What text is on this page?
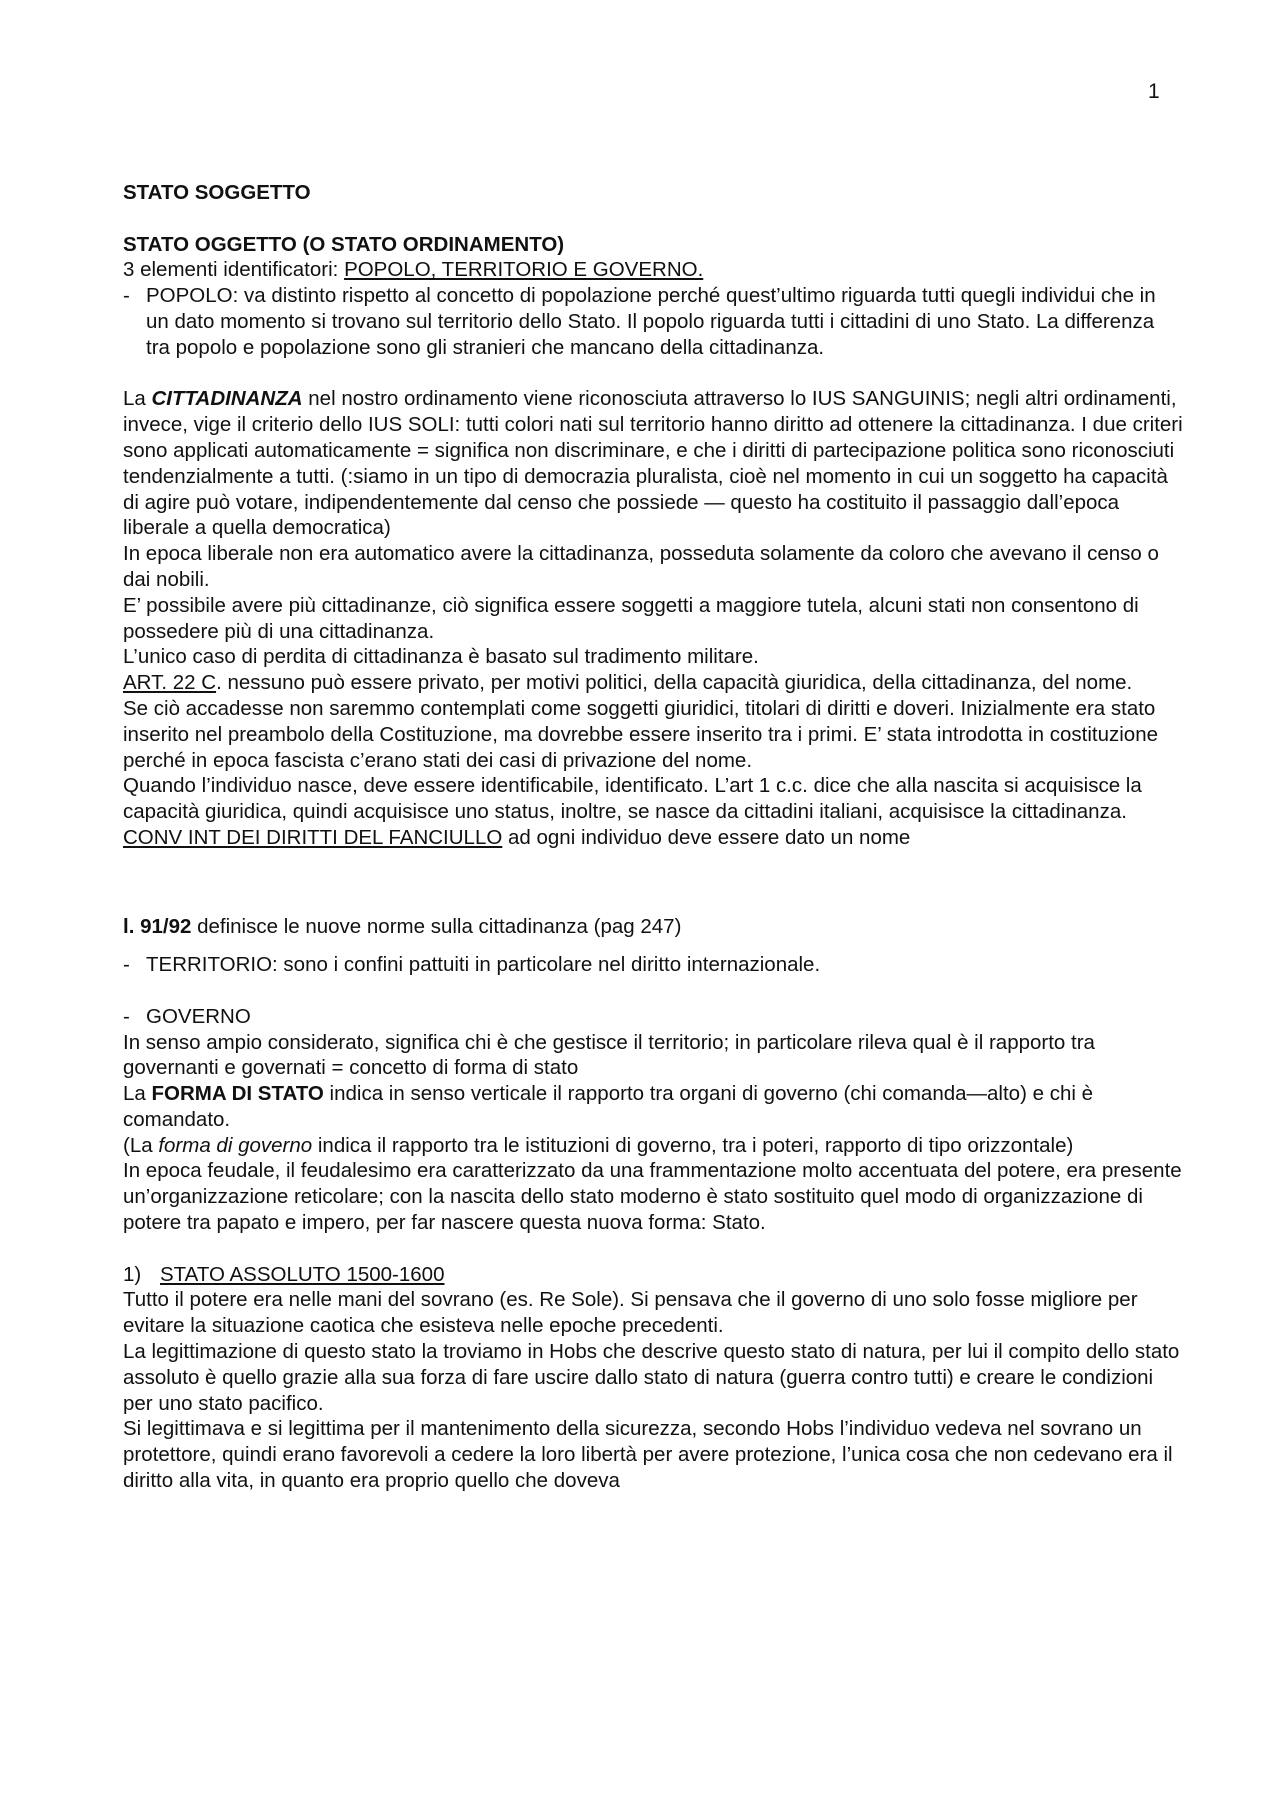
1

STATO SOGGETTO

STATO OGGETTO (O STATO ORDINAMENTO)

3 elementi identificatori: POPOLO, TERRITORIO E GOVERNO.

- POPOLO: va distinto rispetto al concetto di popolazione perché quest’ultimo riguarda tutti quegli individui che in un dato momento si trovano sul territorio dello Stato. Il popolo riguarda tutti i cittadini di uno Stato. La differenza tra popolo e popolazione sono gli stranieri che mancano della cittadinanza.

La CITTADINANZA nel nostro ordinamento viene riconosciuta attraverso lo IUS SANGUINIS; negli altri ordinamenti, invece, vige il criterio dello IUS SOLI: tutti colori nati sul territorio hanno diritto ad ottenere la cittadinanza. I due criteri sono applicati automaticamente = significa non discriminare, e che i diritti di partecipazione politica sono riconosciuti tendenzialmente a tutti. (:siamo in un tipo di democrazia pluralista, cioè nel momento in cui un soggetto ha capacità di agire può votare, indipendentemente dal censo che possiede — questo ha costituito il passaggio dall’epoca liberale a quella democratica)

In epoca liberale non era automatico avere la cittadinanza, posseduta solamente da coloro che avevano il censo o dai nobili.

E’ possibile avere più cittadinanze, ciò significa essere soggetti a maggiore tutela, alcuni stati non consentono di possedere più di una cittadinanza.

L’unico caso di perdita di cittadinanza è basato sul tradimento militare.

ART. 22 C. nessuno può essere privato, per motivi politici, della capacità giuridica, della cittadinanza, del nome.

Se ciò accadesse non saremmo contemplati come soggetti giuridici, titolari di diritti e doveri. Inizialmente era stato inserito nel preambolo della Costituzione, ma dovrebbe essere inserito tra i primi. E’ stata introdotta in costituzione perché in epoca fascista c’erano stati dei casi di privazione del nome.

Quando l’individuo nasce, deve essere identificabile, identificato. L’art 1 c.c. dice che alla nascita si acquisisce la capacità giuridica, quindi acquisisce uno status, inoltre, se nasce da cittadini italiani, acquisisce la cittadinanza.

CONV INT DEI DIRITTI DEL FANCIULLO ad ogni individuo deve essere dato un nome

l. 91/92 definisce le nuove norme sulla cittadinanza (pag 247)

- TERRITORIO: sono i confini pattuiti in particolare nel diritto internazionale.

- GOVERNO

In senso ampio considerato, significa chi è che gestisce il territorio; in particolare rileva qual è il rapporto tra governanti e governati = concetto di forma di stato

La FORMA DI STATO indica in senso verticale il rapporto tra organi di governo (chi comanda—alto) e chi è comandato.

(La forma di governo indica il rapporto tra le istituzioni di governo, tra i poteri, rapporto di tipo orizzontale)

In epoca feudale, il feudalesimo era caratterizzato da una frammentazione molto accentuata del potere, era presente un’organizzazione reticolare; con la nascita dello stato moderno è stato sostituito quel modo di organizzazione di potere tra papato e impero, per far nascere questa nuova forma: Stato.

1) STATO ASSOLUTO 1500-1600

Tutto il potere era nelle mani del sovrano (es. Re Sole). Si pensava che il governo di uno solo fosse migliore per evitare la situazione caotica che esisteva nelle epoche precedenti.

La legittimazione di questo stato la troviamo in Hobs che descrive questo stato di natura, per lui il compito dello stato assoluto è quello grazie alla sua forza di fare uscire dallo stato di natura (guerra contro tutti) e creare le condizioni per uno stato pacifico.

Si legittimava e si legittima per il mantenimento della sicurezza, secondo Hobs l’individuo vedeva nel sovrano un protettore, quindi erano favorevoli a cedere la loro libertà per avere protezione, l’unica cosa che non cedevano era il diritto alla vita, in quanto era proprio quello che doveva
